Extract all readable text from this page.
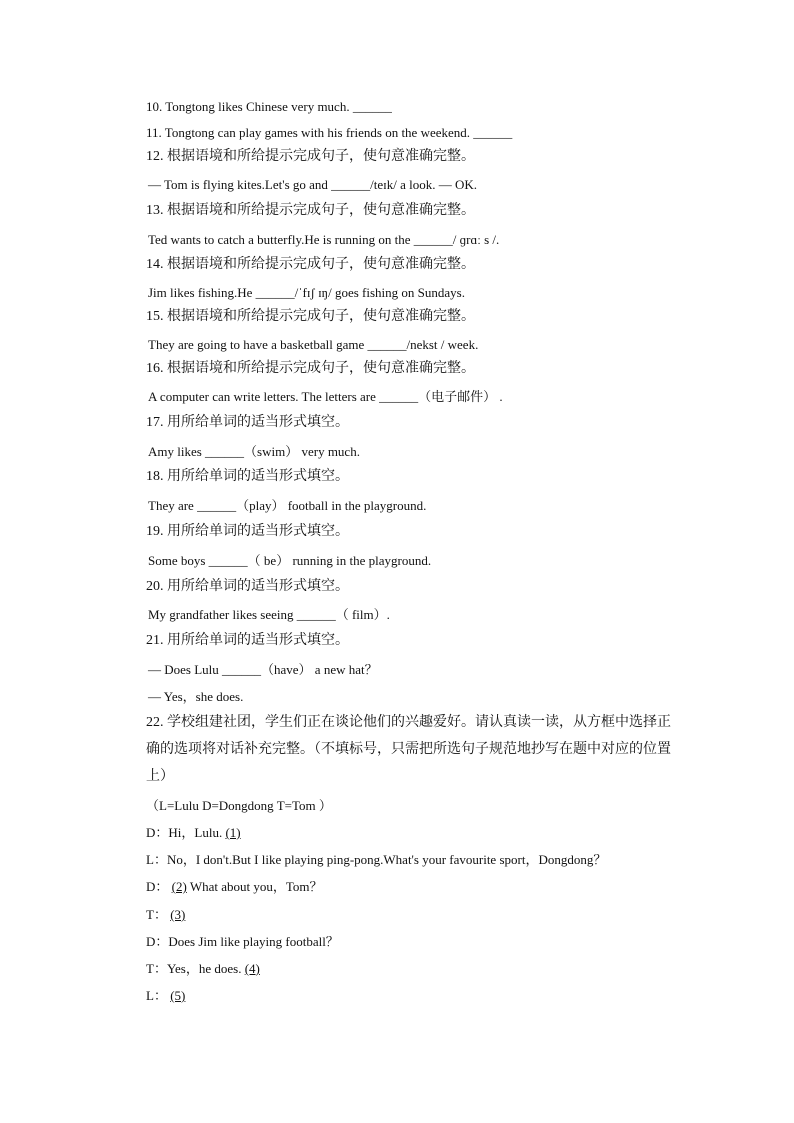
10. Tongtong likes Chinese very much. ______
11. Tongtong can play games with his friends on the weekend. ______
12. 根据语境和所给提示完成句子，使句意准确完整。
— Tom is flying kites.Let's go and ______/teɪk/ a look. — OK.
13. 根据语境和所给提示完成句子，使句意准确完整。
Ted wants to catch a butterfly.He is running on the ______/ ɡrɑː s /.
14. 根据语境和所给提示完成句子，使句意准确完整。
Jim likes fishing.He ______/ˈfɪʃ ɪŋ/ goes fishing on Sundays.
15. 根据语境和所给提示完成句子，使句意准确完整。
They are going to have a basketball game ______/nekst / week.
16. 根据语境和所给提示完成句子，使句意准确完整。
A computer can write letters. The letters are ______（电子邮件） .
17. 用所给单词的适当形式填空。
Amy likes ______（swim） very much.
18. 用所给单词的适当形式填空。
They are ______（play） football in the playground.
19. 用所给单词的适当形式填空。
Some boys ______（ be） running in the playground.
20. 用所给单词的适当形式填空。
My grandfather likes seeing ______（ film）.
21. 用所给单词的适当形式填空。
— Does Lulu ______（have） a new hat？
— Yes，she does.
22. 学校组建社团，学生们正在谈论他们的兴趣爱好。请认真读一读，从方框中选择正
确的选项将对话补充完整。（不填标号，只需把所选句子规范地抄写在题中对应的位置
上）
（L=Lulu D=Dongdong T=Tom ）
D：Hi，Lulu. (1)
L：No，I don't.But I like playing ping-pong.What's your favourite sport，Dongdong？
D： (2) What about you，Tom？
T： (3)
D：Does Jim like playing football？
T：Yes，he does. (4)
L： (5)
